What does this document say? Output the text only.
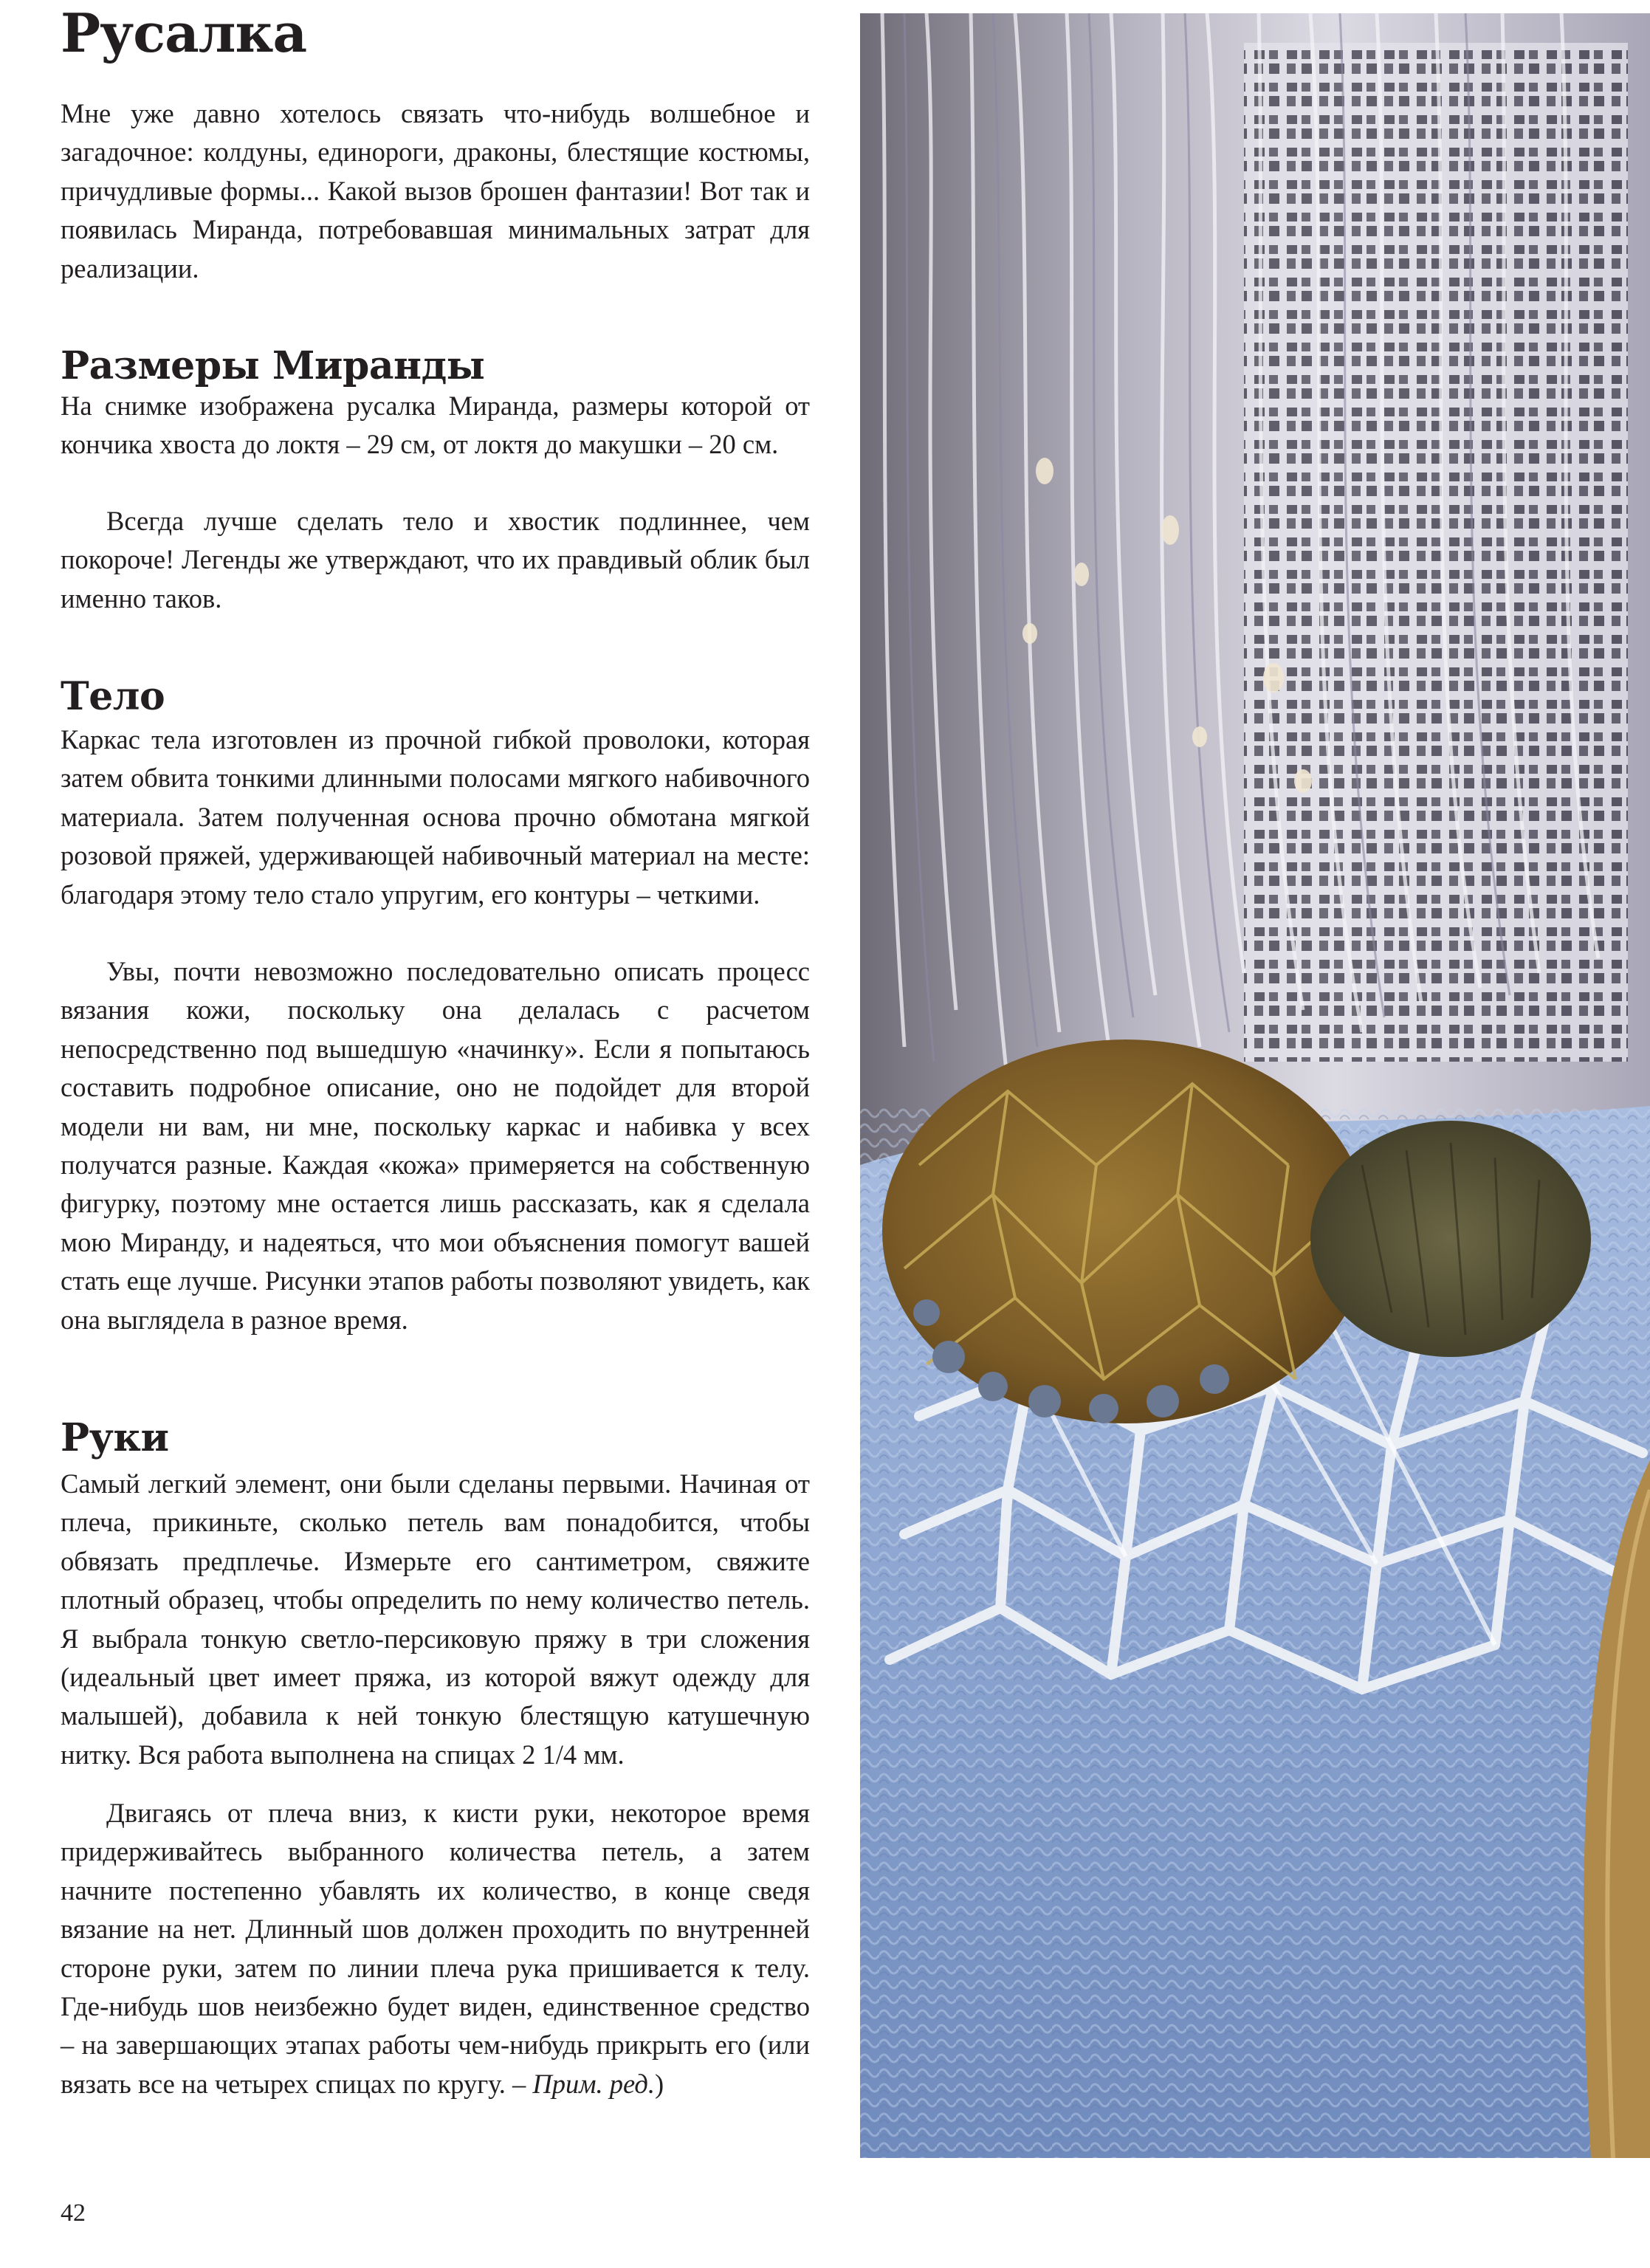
Русалка

Мне уже давно хотелось связать что-нибудь волшебное и загадочное: колдуны, единороги, драконы, блестящие костюмы, причудливые формы... Какой вызов брошен фантазии! Вот так и появилась Миранда, потребовавшая минимальных затрат для реализации.

Размеры Миранды

На снимке изображена русалка Миранда, размеры которой от кончика хвоста до локтя – 29 см, от локтя до макушки – 20 см.

Всегда лучше сделать тело и хвостик подлиннее, чем покороче! Легенды же утверждают, что их правдивый облик был именно таков.

Тело

Каркас тела изготовлен из прочной гибкой проволоки, которая затем обвита тонкими длинными полосами мягкого набивочного материала. Затем полученная основа прочно обмотана мягкой розовой пряжей, удерживающей набивочный материал на месте: благодаря этому тело стало упругим, его контуры – четкими.

Увы, почти невозможно последовательно описать процесс вязания кожи, поскольку она делалась с расчетом непосредственно под вышедшую «начинку». Если я попытаюсь составить подробное описание, оно не подойдет для второй модели ни вам, ни мне, поскольку каркас и набивка у всех получатся разные. Каждая «кожа» примеряется на собственную фигурку, поэтому мне остается лишь рассказать, как я сделала мою Миранду, и надеяться, что мои объяснения помогут вашей стать еще лучше. Рисунки этапов работы позволяют увидеть, как она выглядела в разное время.

Руки

Самый легкий элемент, они были сделаны первыми. Начиная от плеча, прикиньте, сколько петель вам понадобится, чтобы обвязать предплечье. Измерьте его сантиметром, свяжите плотный образец, чтобы определить по нему количество петель. Я выбрала тонкую светло-персиковую пряжу в три сложения (идеальный цвет имеет пряжа, из которой вяжут одежду для малышей), добавила к ней тонкую блестящую катушечную нитку. Вся работа выполнена на спицах 2 1/4 мм.

Двигаясь от плеча вниз, к кисти руки, некоторое время придерживайтесь выбранного количества петель, а затем начните постепенно убавлять их количество, в конце сведя вязание на нет. Длинный шов должен проходить по внутренней стороне руки, затем по линии плеча рука пришивается к телу. Где-нибудь шов неизбежно будет виден, единственное средство – на завершающих этапах работы чем-нибудь прикрыть его (или вязать все на четырех спицах по кругу. – Прим. ред.)

42
